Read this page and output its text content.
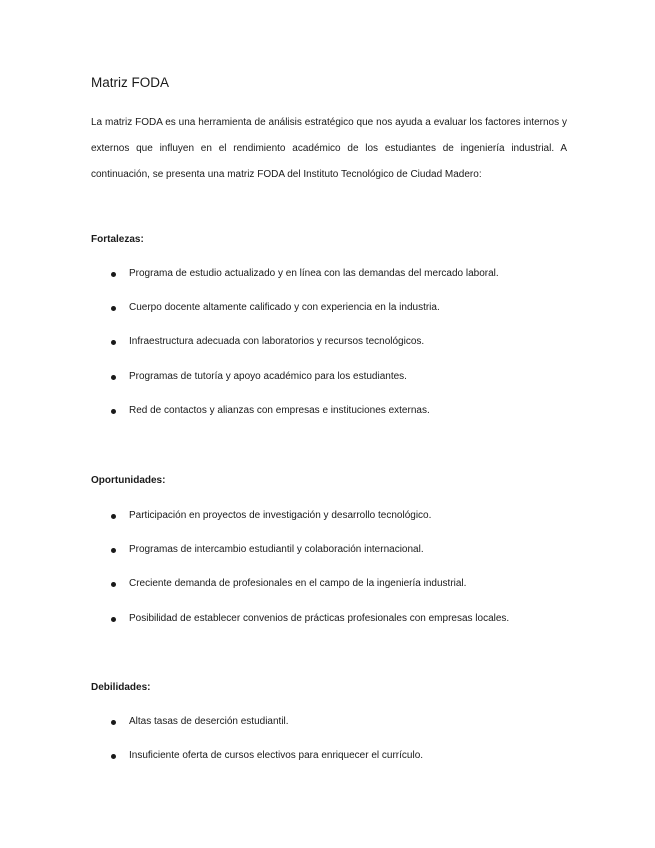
Matriz FODA

La matriz FODA es una herramienta de análisis estratégico que nos ayuda a evaluar los factores internos y externos que influyen en el rendimiento académico de los estudiantes de ingeniería industrial. A continuación, se presenta una matriz FODA del Instituto Tecnológico de Ciudad Madero:

Fortalezas:
Programa de estudio actualizado y en línea con las demandas del mercado laboral.
Cuerpo docente altamente calificado y con experiencia en la industria.
Infraestructura adecuada con laboratorios y recursos tecnológicos.
Programas de tutoría y apoyo académico para los estudiantes.
Red de contactos y alianzas con empresas e instituciones externas.
Oportunidades:
Participación en proyectos de investigación y desarrollo tecnológico.
Programas de intercambio estudiantil y colaboración internacional.
Creciente demanda de profesionales en el campo de la ingeniería industrial.
Posibilidad de establecer convenios de prácticas profesionales con empresas locales.
Debilidades:
Altas tasas de deserción estudiantil.
Insuficiente oferta de cursos electivos para enriquecer el currículo.
